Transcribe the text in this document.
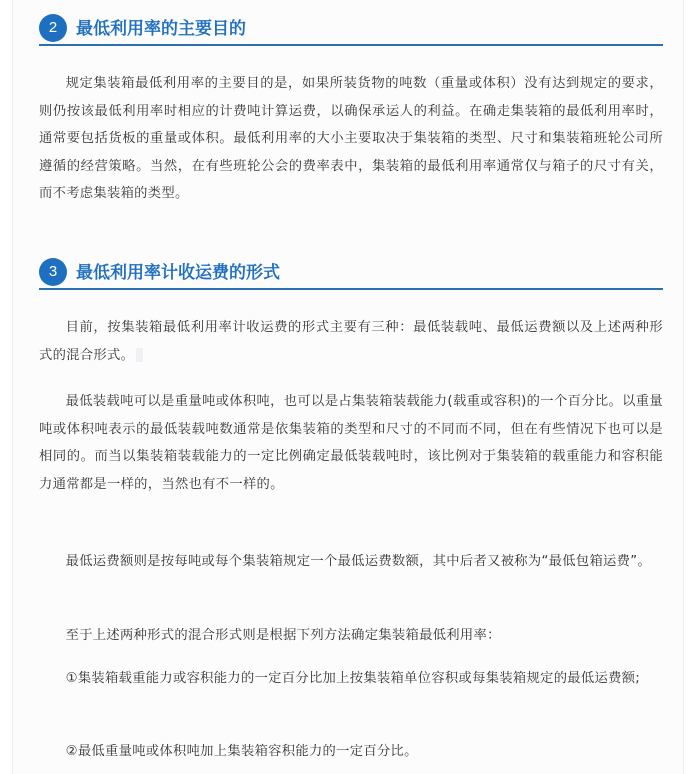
2	最低利用率的主要目的

规定集装箱最低利用率的主要目的是，如果所装货物的吨数（重量或体积）没有达到规定的要求，则仍按该最低利用率时相应的计费吨计算运费，以确保承运人的利益。在确走集装箱的最低利用率时，通常要包括货板的重量或体积。最低利用率的大小主要取决于集装箱的类型、尺寸和集装箱班轮公司所遵循的经营策略。当然，在有些班轮公会的费率表中，集装箱的最低利用率通常仅与箱子的尺寸有关，而不考虑集装箱的类型。

3	最低利用率计收运费的形式

目前，按集装箱最低利用率计收运费的形式主要有三种：最低装载吨、最低运费额以及上述两种形式的混合形式。

最低装载吨可以是重量吨或体积吨，也可以是占集装箱装载能力(载重或容积)的一个百分比。以重量吨或体积吨表示的最低装载吨数通常是依集装箱的类型和尺寸的不同而不同，但在有些情况下也可以是相同的。而当以集装箱装载能力的一定比例确定最低装载吨时，该比例对于集装箱的载重能力和容积能力通常都是一样的，当然也有不一样的。

最低运费额则是按每吨或每个集装箱规定一个最低运费数额，其中后者又被称为“最低包箱运费”。

至于上述两种形式的混合形式则是根据下列方法确定集装箱最低利用率：

①集装箱载重能力或容积能力的一定百分比加上按集装箱单位容积或每集装箱规定的最低运费额;

②最低重量吨或体积吨加上集装箱容积能力的一定百分比。
